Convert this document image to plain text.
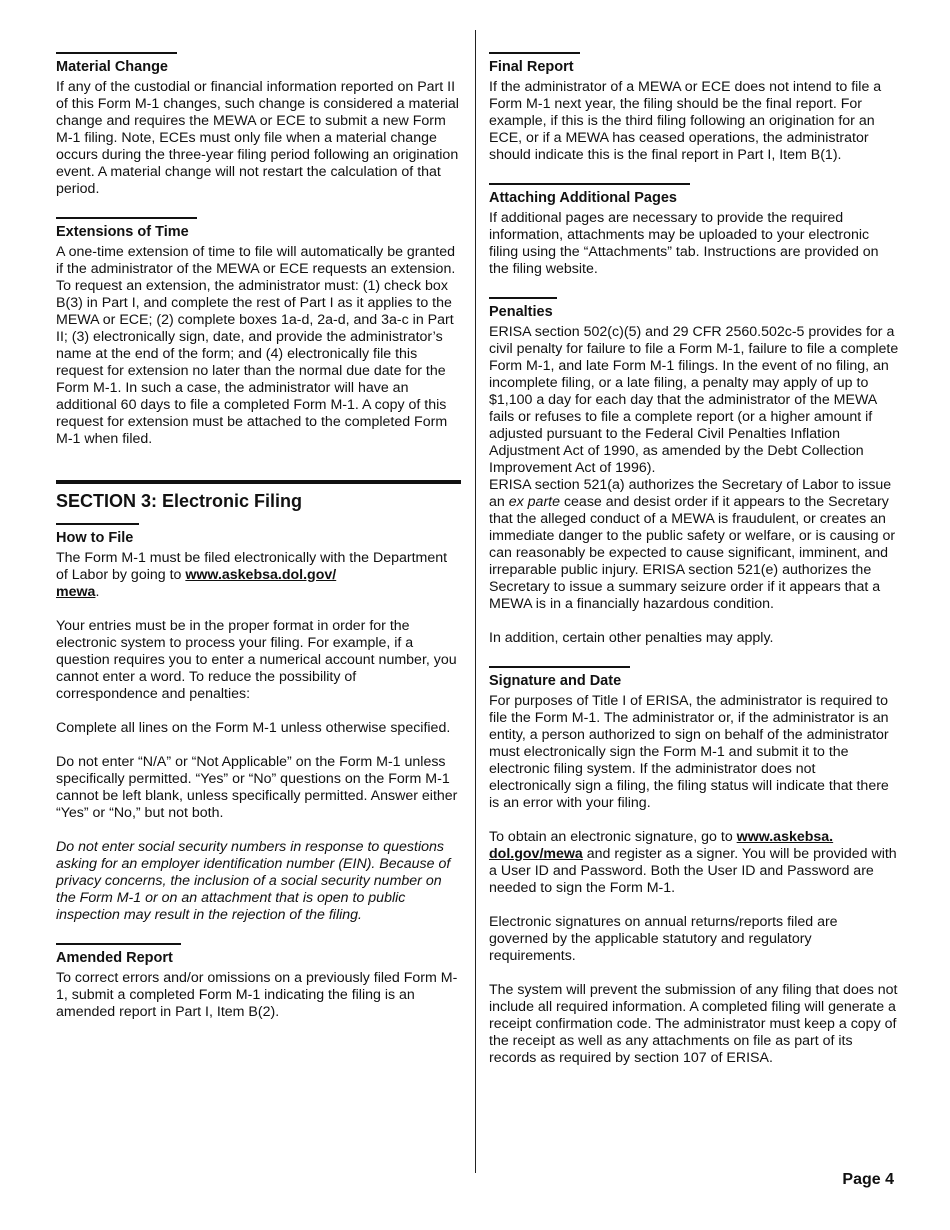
Material Change

If any of the custodial or financial information reported on Part II of this Form M-1 changes, such change is considered a material change and requires the MEWA or ECE to submit a new Form M-1 filing. Note, ECEs must only file when a material change occurs during the three-year filing period following an origination event. A material change will not restart the calculation of that period.

Extensions of Time

A one-time extension of time to file will automatically be granted if the administrator of the MEWA or ECE requests an extension. To request an extension, the administrator must: (1) check box B(3) in Part I, and complete the rest of Part I as it applies to the MEWA or ECE; (2) complete boxes 1a-d, 2a-d, and 3a-c in Part II; (3) electronically sign, date, and provide the administrator’s name at the end of the form; and (4) electronically file this request for extension no later than the normal due date for the Form M-1. In such a case, the administrator will have an additional 60 days to file a completed Form M-1. A copy of this request for extension must be attached to the completed Form M-1 when filed.

SECTION 3: Electronic Filing
How to File

The Form M-1 must be filed electronically with the Department of Labor by going to www.askebsa.dol.gov/
mewa.

Your entries must be in the proper format in order for the electronic system to process your filing. For example, if a question requires you to enter a numerical account number, you cannot enter a word. To reduce the possibility of correspondence and penalties:

Complete all lines on the Form M-1 unless otherwise specified.

Do not enter “N/A” or “Not Applicable” on the Form M-1 unless specifically permitted. “Yes” or “No” questions on the Form M-1 cannot be left blank, unless specifically permitted. Answer either “Yes” or “No,” but not both.

Do not enter social security numbers in response to questions asking for an employer identification number (EIN). Because of privacy concerns, the inclusion of a social security number on the Form M-1 or on an attachment that is open to public inspection may result in the rejection of the filing.

Amended Report

To correct errors and/or omissions on a previously filed Form M-1, submit a completed Form M-1 indicating the filing is an amended report in Part I, Item B(2).

Final Report

If the administrator of a MEWA or ECE does not intend to file a Form M-1 next year, the filing should be the final report. For example, if this is the third filing following an origination for an ECE, or if a MEWA has ceased operations, the administrator should indicate this is the final report in Part I, Item B(1).

Attaching Additional Pages

If additional pages are necessary to provide the required information, attachments may be uploaded to your electronic filing using the “Attachments” tab. Instructions are provided on the filing website.

Penalties

ERISA section 502(c)(5) and 29 CFR 2560.502c-5 provides for a civil penalty for failure to file a Form M-1, failure to file a complete Form M-1, and late Form M-1 filings. In the event of no filing, an incomplete filing, or a late filing, a penalty may apply of up to $1,100 a day for each day that the administrator of the MEWA fails or refuses to file a complete report (or a higher amount if adjusted pursuant to the Federal Civil Penalties Inflation Adjustment Act of 1990, as amended by the Debt Collection Improvement Act of 1996).

ERISA section 521(a) authorizes the Secretary of Labor to issue an ex parte cease and desist order if it appears to the Secretary that the alleged conduct of a MEWA is fraudulent, or creates an immediate danger to the public safety or welfare, or is causing or can reasonably be expected to cause significant, imminent, and irreparable public injury. ERISA section 521(e) authorizes the Secretary to issue a summary seizure order if it appears that a MEWA is in a financially hazardous condition.

In addition, certain other penalties may apply.

Signature and Date

For purposes of Title I of ERISA, the administrator is required to file the Form M-1. The administrator or, if the administrator is an entity, a person authorized to sign on behalf of the administrator must electronically sign the Form M-1 and submit it to the electronic filing system. If the administrator does not electronically sign a filing, the filing status will indicate that there is an error with your filing.

To obtain an electronic signature, go to www.askebsa.
dol.gov/mewa and register as a signer. You will be provided with a User ID and Password. Both the User ID and Password are needed to sign the Form M-1.

Electronic signatures on annual returns/reports filed are governed by the applicable statutory and regulatory requirements.

The system will prevent the submission of any filing that does not include all required information. A completed filing will generate a receipt confirmation code. The administrator must keep a copy of the receipt as well as any attachments on file as part of its records as required by section 107 of ERISA.

Page 4
